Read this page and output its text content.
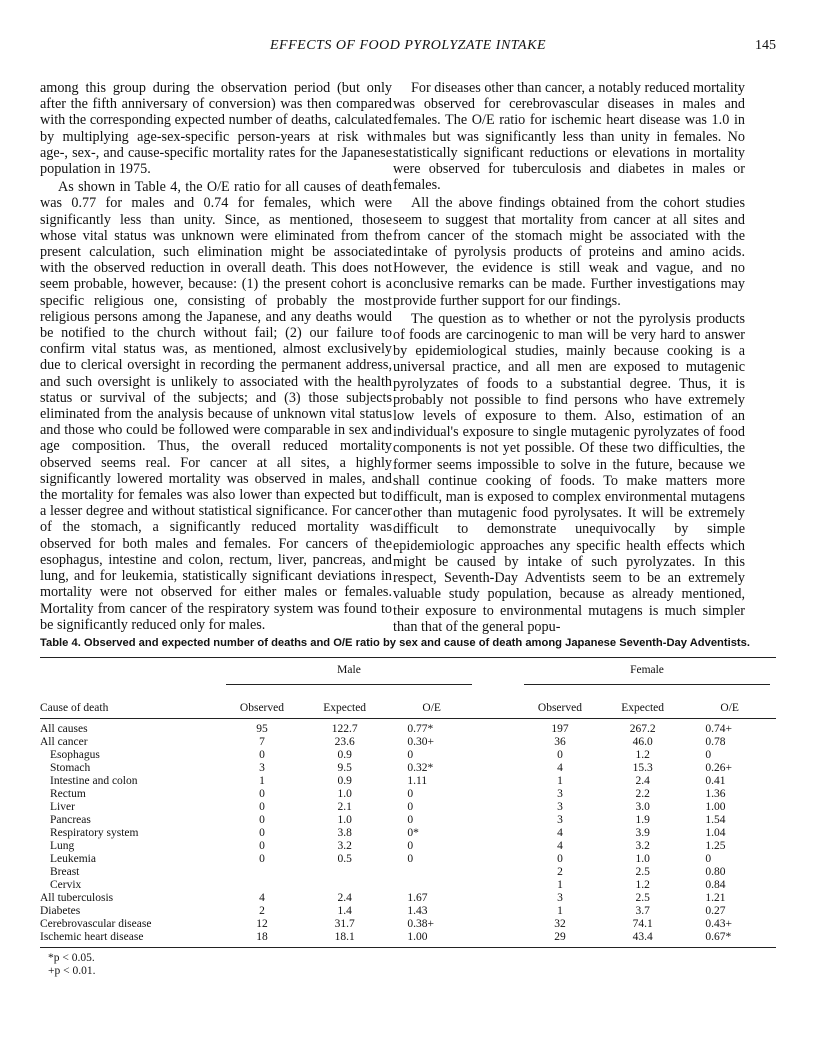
EFFECTS OF FOOD PYROLYZATE INTAKE	145

among this group during the observation period (but only after the fifth anniversary of conversion) was then compared with the corresponding expected number of deaths, calculated by multiplying age-sex-specific person-years at risk with age-, sex-, and cause-specific mortality rates for the Japanese population in 1975.

As shown in Table 4, the O/E ratio for all causes of death was 0.77 for males and 0.74 for females, which were significantly less than unity. Since, as mentioned, those whose vital status was unknown were eliminated from the present calculation, such elimination might be associated with the observed reduction in overall death. This does not seem probable, however, because: (1) the present cohort is a specific religious one, consisting of probably the most religious persons among the Japanese, and any deaths would be notified to the church without fail; (2) our failure to confirm vital status was, as mentioned, almost exclusively due to clerical oversight in recording the permanent address, and such oversight is unlikely to associated with the health status or survival of the subjects; and (3) those subjects eliminated from the analysis because of unknown vital status and those who could be followed were comparable in sex and age composition. Thus, the overall reduced mortality observed seems real. For cancer at all sites, a highly significantly lowered mortality was observed in males, and the mortality for females was also lower than expected but to a lesser degree and without statistical significance. For cancer of the stomach, a significantly reduced mortality was observed for both males and females. For cancers of the esophagus, intestine and colon, rectum, liver, pancreas, and lung, and for leukemia, statistically significant deviations in mortality were not observed for either males or females. Mortality from cancer of the respiratory system was found to be significantly reduced only for males.

For diseases other than cancer, a notably reduced mortality was observed for cerebrovascular diseases in males and females. The O/E ratio for ischemic heart disease was 1.0 in males but was significantly less than unity in females. No statistically significant reductions or elevations in mortality were observed for tuberculosis and diabetes in males or females.

All the above findings obtained from the cohort studies seem to suggest that mortality from cancer at all sites and from cancer of the stomach might be associated with the intake of pyrolysis products of proteins and amino acids. However, the evidence is still weak and vague, and no conclusive remarks can be made. Further investigations may provide further support for our findings.

The question as to whether or not the pyrolysis products of foods are carcinogenic to man will be very hard to answer by epidemiological studies, mainly because cooking is a universal practice, and all men are exposed to mutagenic pyrolyzates of foods to a substantial degree. Thus, it is probably not possible to find persons who have extremely low levels of exposure to them. Also, estimation of an individual's exposure to single mutagenic pyrolyzates of food components is not yet possible. Of these two difficulties, the former seems impossible to solve in the future, because we shall continue cooking of foods. To make matters more difficult, man is exposed to complex environmental mutagens other than mutagenic food pyrolysates. It will be extremely difficult to demonstrate unequivocally by simple epidemiologic approaches any specific health effects which might be caused by intake of such pyrolyzates. In this respect, Seventh-Day Adventists seem to be an extremely valuable study population, because as already mentioned, their exposure to environmental mutagens is much simpler than that of the general popu-

Table 4. Observed and expected number of deaths and O/E ratio by sex and cause of death among Japanese Seventh-Day Adventists.

	Male				Female		

Cause of death	Observed	Expected	O/E		Observed	Expected	O/E
All causes	95	122.7	0.77*		197	267.2	0.74+
All cancer	7	23.6	0.30+		36	46.0	0.78
Esophagus	0	0.9	0		0	1.2	0
Stomach	3	9.5	0.32*		4	15.3	0.26+
Intestine and colon	1	0.9	1.11		1	2.4	0.41
Rectum	0	1.0	0		3	2.2	1.36
Liver	0	2.1	0		3	3.0	1.00
Pancreas	0	1.0	0		3	1.9	1.54
Respiratory system	0	3.8	0*		4	3.9	1.04
Lung	0	3.2	0		4	3.2	1.25
Leukemia	0	0.5	0		0	1.0	0
Breast					2	2.5	0.80
Cervix					1	1.2	0.84
All tuberculosis	4	2.4	1.67		3	2.5	1.21
Diabetes	2	1.4	1.43		1	3.7	0.27
Cerebrovascular disease	12	31.7	0.38+		32	74.1	0.43+
Ischemic heart disease	18	18.1	1.00		29	43.4	0.67*
*p < 0.05.
+p < 0.01.
